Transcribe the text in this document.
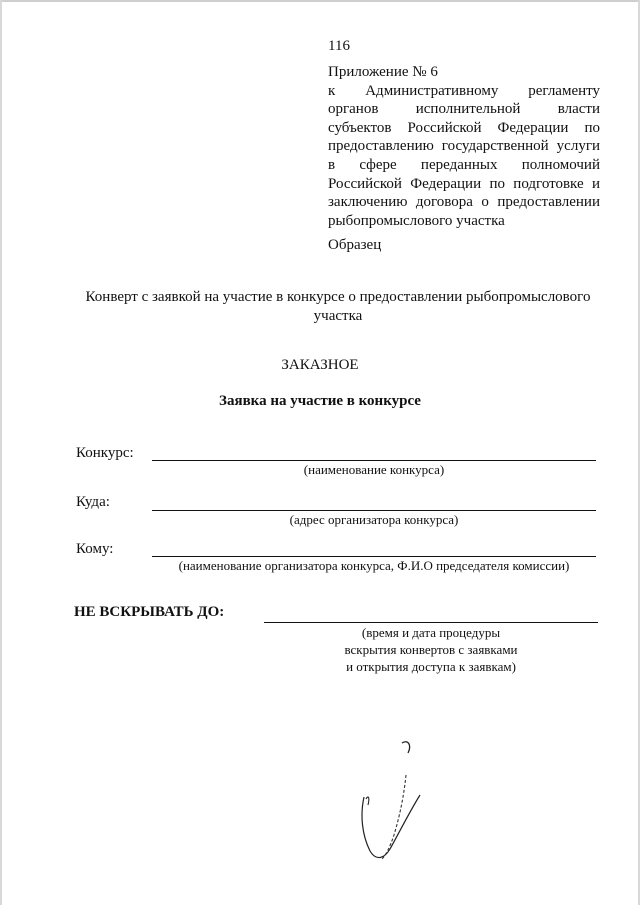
116
Приложение № 6
к Административному регламенту органов исполнительной власти субъектов Российской Федерации по предоставлению государственной услуги в сфере переданных полномочий Российской Федерации по подготовке и заключению договора о предоставлении рыбопромыслового участка
Образец
Конверт с заявкой на участие в конкурсе о предоставлении рыбопромыслового участка
ЗАКАЗНОЕ
Заявка на участие в конкурсе
Конкурс:
(наименование конкурса)
Куда:
(адрес организатора конкурса)
Кому:
(наименование организатора конкурса, Ф.И.О председателя комиссии)
НЕ ВСКРЫВАТЬ ДО:
(время и дата процедуры
вскрытия конвертов с заявками
и открытия доступа к заявкам)
